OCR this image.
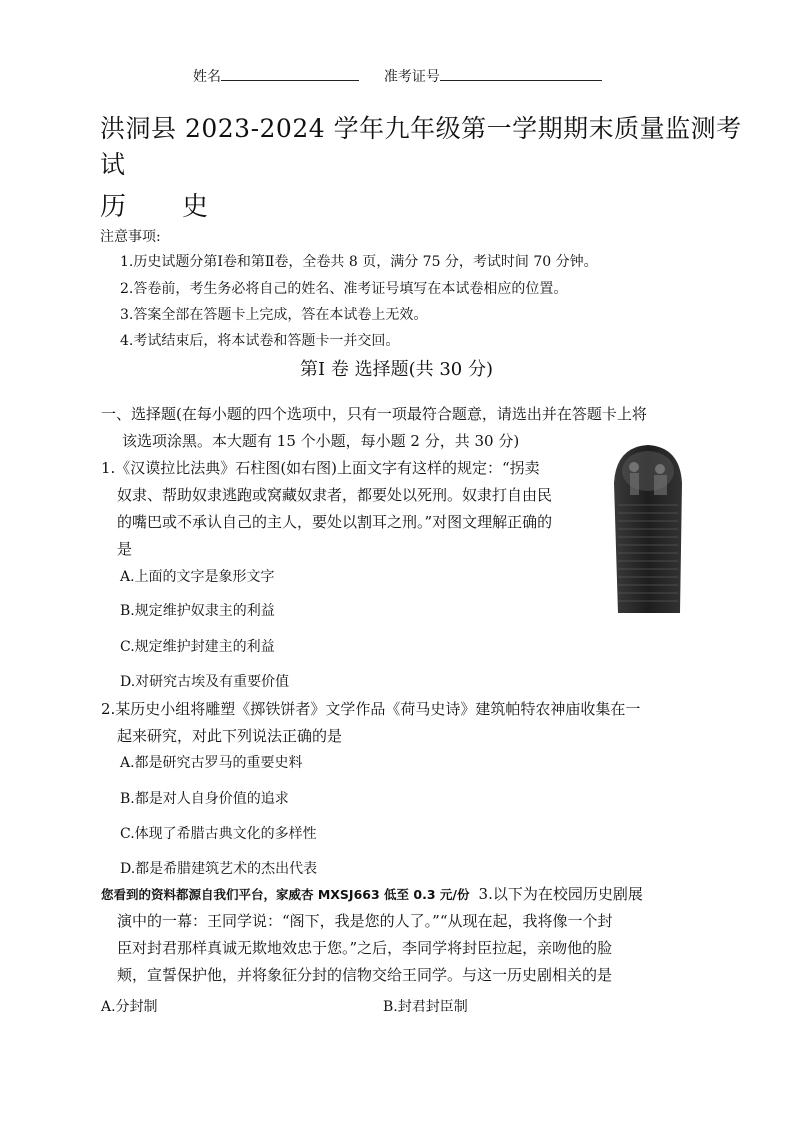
姓名	准考证号
洪洞县 2023-2024 学年九年级第一学期期末质量监测考
试
历 史
注意事项:
1.历史试题分第Ⅰ卷和第Ⅱ卷，全卷共 8 页，满分 75 分，考试时间 70 分钟。
2.答卷前，考生务必将自己的姓名、准考证号填写在本试卷相应的位置。
3.答案全部在答题卡上完成，答在本试卷上无效。
4.考试结束后，将本试卷和答题卡一并交回。
第Ⅰ 卷 选择题(共 30 分)
一、选择题(在每小题的四个选项中，只有一项最符合题意，请选出并在答题卡上将
该选项涂黑。本大题有 15 个小题，每小题 2 分，共 30 分)
1.《汉谟拉比法典》石柱图(如右图)上面文字有这样的规定：“拐卖
奴隶、帮助奴隶逃跑或窝藏奴隶者，都要处以死刑。奴隶打自由民
的嘴巴或不承认自己的主人，要处以割耳之刑。”对图文理解正确的
是
A.上面的文字是象形文字
B.规定维护奴隶主的利益
C.规定维护封建主的利益
D.对研究古埃及有重要价值
2.某历史小组将雕塑《掷铁饼者》文学作品《荷马史诗》建筑帕特农神庙收集在一
起来研究，对此下列说法正确的是
A.都是研究古罗马的重要史料
B.都是对人自身价值的追求
C.体现了希腊古典文化的多样性
D.都是希腊建筑艺术的杰出代表
您看到的资料都源自我们平台，家威杏 MXSJ663 低至 0.3 元/份 3.以下为在校园历史剧展
演中的一幕：王同学说：“阁下，我是您的人了。”“从现在起，我将像一个封
臣对封君那样真诚无欺地效忠于您。”之后，李同学将封臣拉起，亲吻他的脸
颊，宣誓保护他，并将象征分封的信物交给王同学。与这一历史剧相关的是
A.分封制	B.封君封臣制
